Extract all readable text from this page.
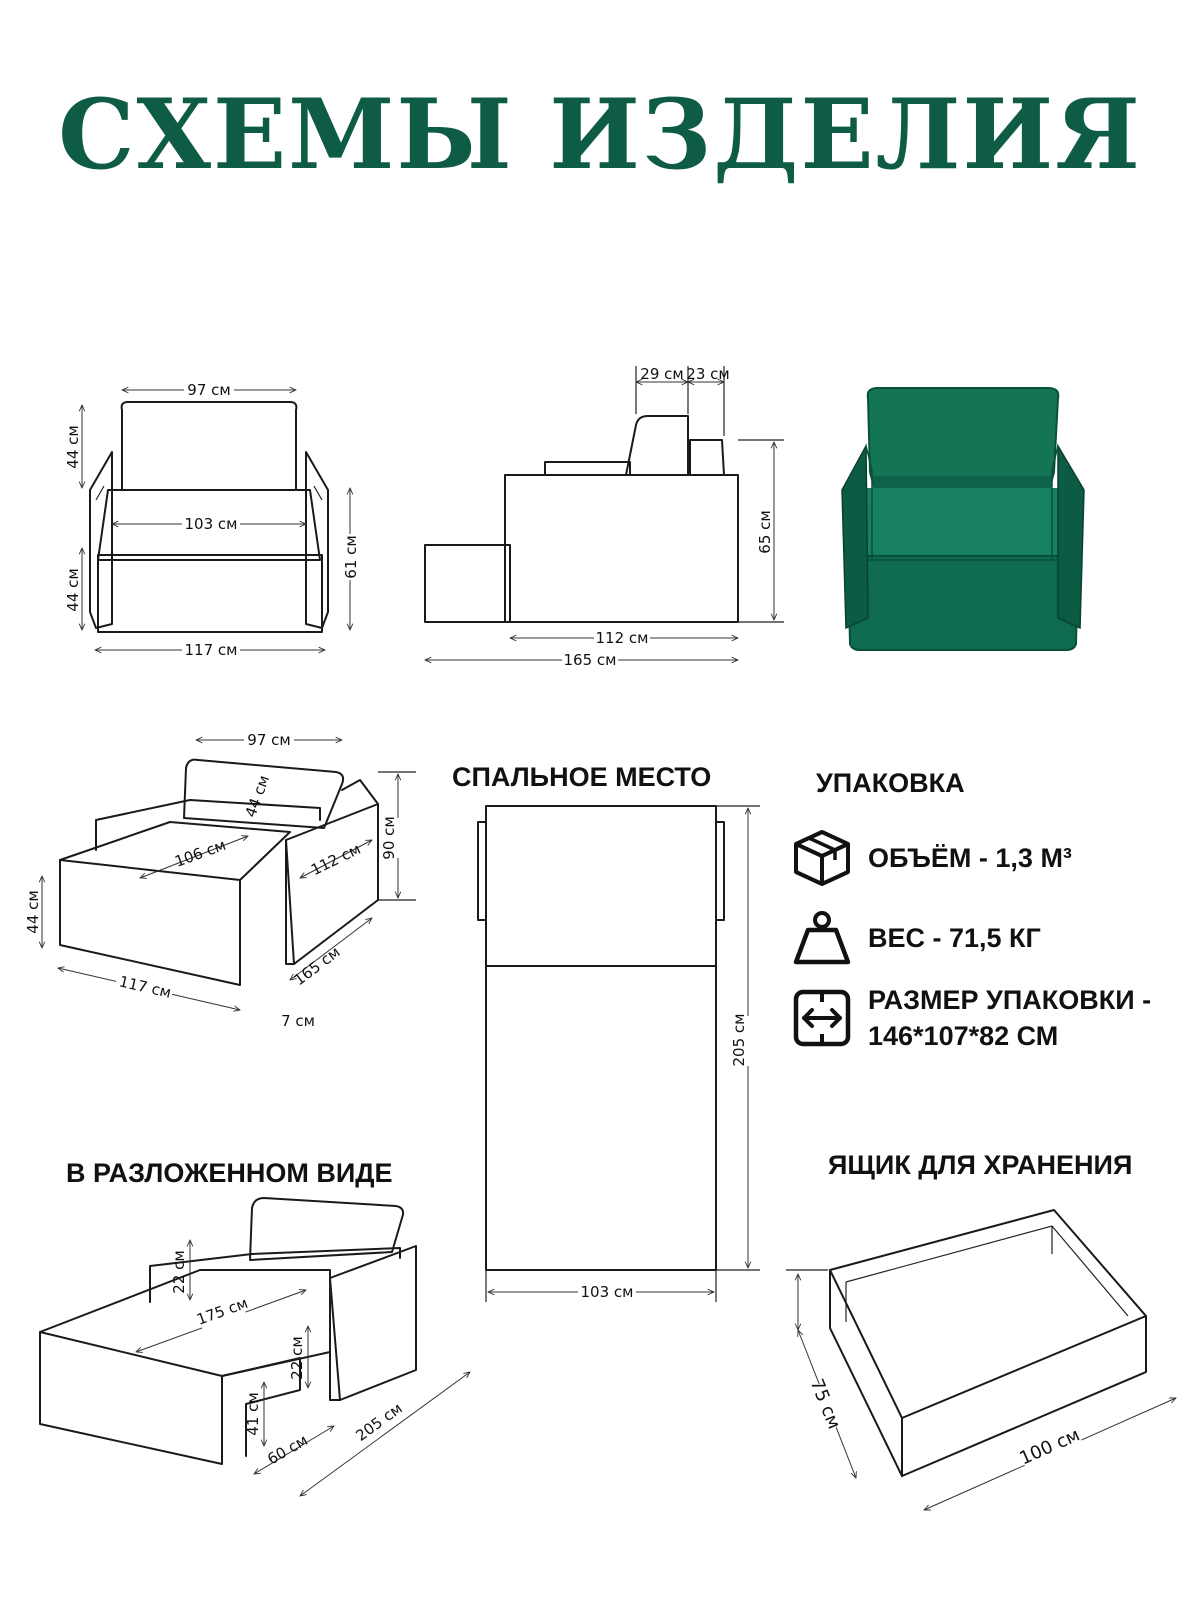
СХЕМЫ ИЗДЕЛИЯ
97 см
44 см
103 см
44 см
61 см
117 см
29 см 23 см
65 см
112 см
165 см
97 см
44 см
106 см	112 см 90 см
44 см
117 см	165 см
7 см	205 см
103 см
22 см
175 см
22 см
41 см
60 см
205 см	75 см
100 см
СПАЛЬНОЕ МЕСТО	УПАКОВКА
В РАЗЛОЖЕННОМ ВИДЕ	ЯЩИК ДЛЯ ХРАНЕНИЯ
ОБЪЁМ - 1,3 М³
ВЕС - 71,5 КГ
РАЗМЕР УПАКОВКИ -
146*107*82 СМ
